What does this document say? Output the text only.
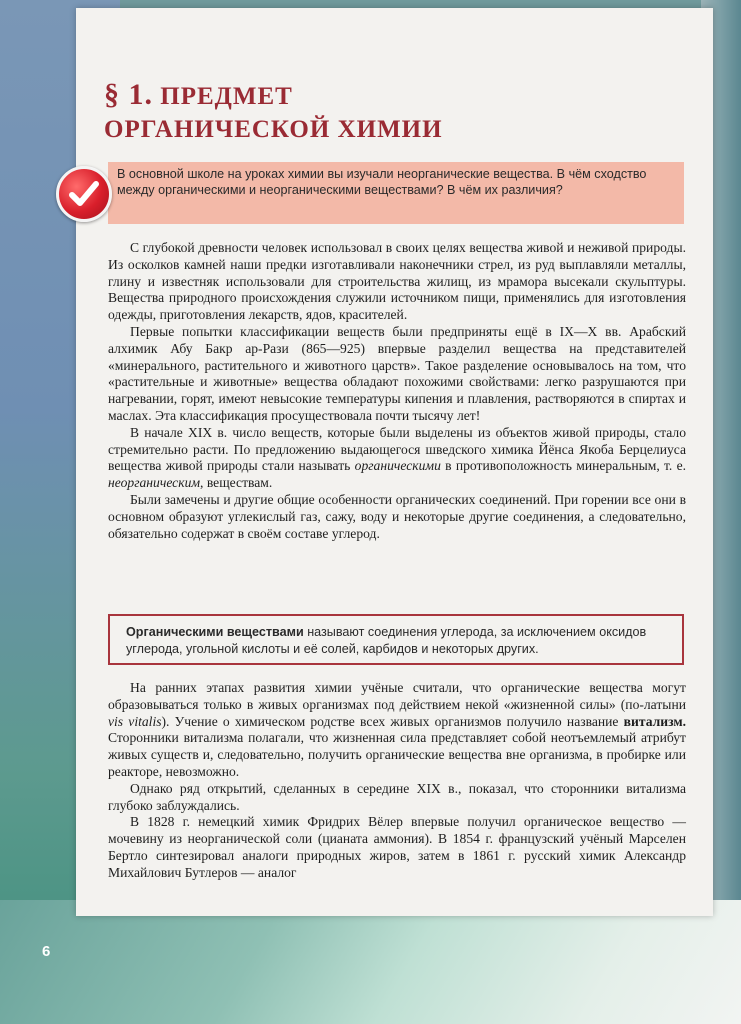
§ 1. ПРЕДМЕТ
ОРГАНИЧЕСКОЙ ХИМИИ
В основной школе на уроках химии вы изучали неорганические вещества. В чём сходство между органическими и неорганическими веществами? В чём их различия?

С глубокой древности человек использовал в своих целях вещества живой и неживой природы. Из осколков камней наши предки изготавливали наконечники стрел, из руд выплавляли металлы, глину и известняк использовали для строительства жилищ, из мрамора высекали скульптуры. Вещества природного происхождения служили источником пищи, применялись для изготовления одежды, приготовления лекарств, ядов, красителей.

Первые попытки классификации веществ были предприняты ещё в IX—X вв. Арабский алхимик Абу Бакр ар-Рази (865—925) впервые разделил вещества на представителей «минерального, растительного и животного царств». Такое разделение основывалось на том, что «растительные и животные» вещества обладают похожими свойствами: легко разрушаются при нагревании, горят, имеют невысокие температуры кипения и плавления, растворяются в спиртах и маслах. Эта классификация просуществовала почти тысячу лет!

В начале XIX в. число веществ, которые были выделены из объектов живой природы, стало стремительно расти. По предложению выдающегося шведского химика Йёнса Якоба Берцелиуса вещества живой природы стали называть органическими в противоположность минеральным, т. е. неорганическим, веществам.

Были замечены и другие общие особенности органических соединений. При горении все они в основном образуют углекислый газ, сажу, воду и некоторые другие соединения, а следовательно, обязательно содержат в своём составе углерод.

Органическими веществами называют соединения углерода, за исключением оксидов углерода, угольной кислоты и её солей, карбидов и некоторых других.

На ранних этапах развития химии учёные считали, что органические вещества могут образовываться только в живых организмах под действием некой «жизненной силы» (по-латыни vis vitalis). Учение о химическом родстве всех живых организмов получило название витализм. Сторонники витализма полагали, что жизненная сила представляет собой неотъемлемый атрибут живых существ и, следовательно, получить органические вещества вне организма, в пробирке или реакторе, невозможно.

Однако ряд открытий, сделанных в середине XIX в., показал, что сторонники витализма глубоко заблуждались.

В 1828 г. немецкий химик Фридрих Вёлер впервые получил органическое вещество — мочевину из неорганической соли (цианата аммония). В 1854 г. французский учёный Марселен Бертло синтезировал аналоги природных жиров, затем в 1861 г. русский химик Александр Михайлович Бутлеров — аналог

6
